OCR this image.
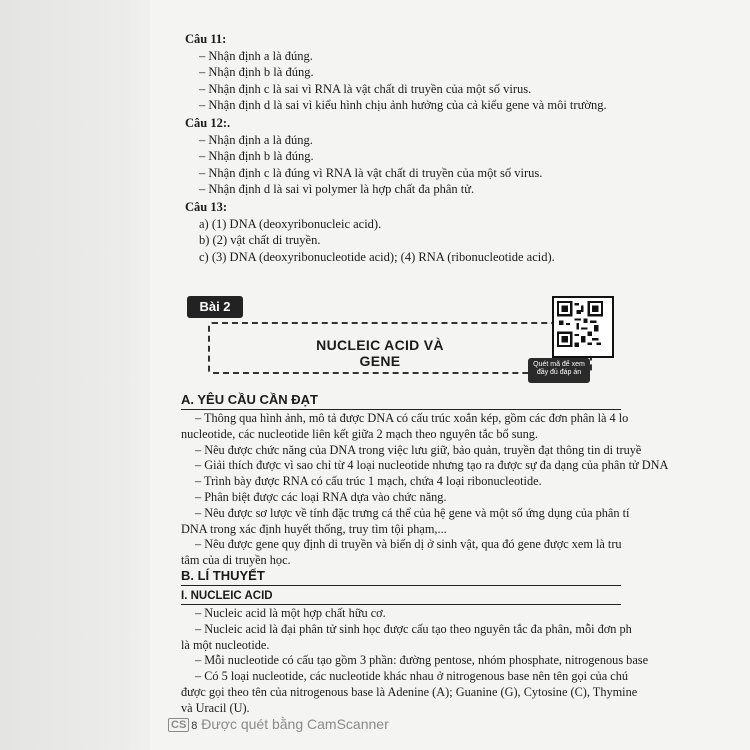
Câu 11:
– Nhận định a là đúng.
– Nhận định b là đúng.
– Nhận định c là sai vì RNA là vật chất di truyền của một số virus.
– Nhận định d là sai vì kiểu hình chịu ảnh hưởng của cả kiểu gene và môi trường.
Câu 12:.
– Nhận định a là đúng.
– Nhận định b là đúng.
– Nhận định c là đúng vì RNA là vật chất di truyền của một số virus.
– Nhận định d là sai vì polymer là hợp chất đa phân tử.
Câu 13:
a) (1) DNA (deoxyribonucleic acid).
b) (2) vật chất di truyền.
c) (3) DNA (deoxyribonucleotide acid); (4) RNA (ribonucleotide acid).
Bài 2
NUCLEIC ACID VÀ GENE	Quét mã để xem đầy đủ đáp án
A. YÊU CẦU CẦN ĐẠT
– Thông qua hình ảnh, mô tả được DNA có cấu trúc xoắn kép, gồm các đơn phân là 4 lo
nucleotide, các nucleotide liên kết giữa 2 mạch theo nguyên tắc bổ sung.
– Nêu được chức năng của DNA trong việc lưu giữ, bảo quản, truyền đạt thông tin di truyề
– Giải thích được vì sao chỉ từ 4 loại nucleotide nhưng tạo ra được sự đa dạng của phân tử DNA
– Trình bày được RNA có cấu trúc 1 mạch, chứa 4 loại ribonucleotide.
– Phân biệt được các loại RNA dựa vào chức năng.
– Nêu được sơ lược về tính đặc trưng cá thể của hệ gene và một số ứng dụng của phân tí
DNA trong xác định huyết thống, truy tìm tội phạm,...
– Nêu được gene quy định di truyền và biến dị ở sinh vật, qua đó gene được xem là tru
tâm của di truyền học.
B. LÍ THUYẾT
I. NUCLEIC ACID
– Nucleic acid là một hợp chất hữu cơ.
– Nucleic acid là đại phân tử sinh học được cấu tạo theo nguyên tắc đa phân, mỗi đơn ph
là một nucleotide.
– Mỗi nucleotide có cấu tạo gồm 3 phần: đường pentose, nhóm phosphate, nitrogenous base
– Có 5 loại nucleotide, các nucleotide khác nhau ở nitrogenous base nên tên gọi của chú
được gọi theo tên của nitrogenous base là Adenine (A); Guanine (G), Cytosine (C), Thymine
và Uracil (U).
CS 8 Được quét bằng CamScanner
